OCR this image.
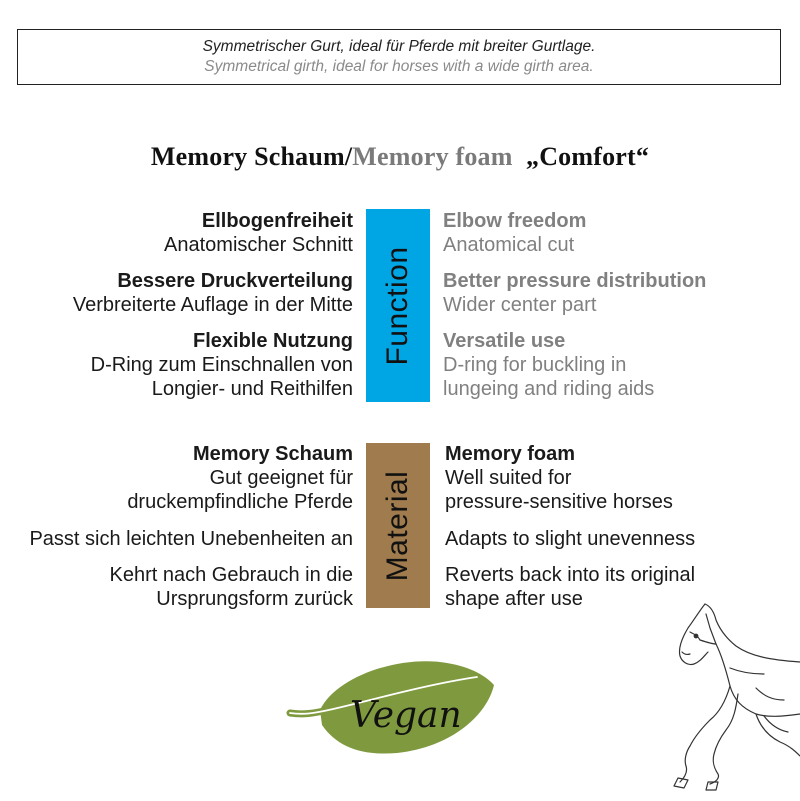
Symmetrischer Gurt, ideal für Pferde mit breiter Gurtlage.
Symmetrical girth, ideal for horses with a wide girth area.
Memory Schaum/Memory foam „Comfort“
Function
Ellbogenfreiheit
Anatomischer Schnitt
Bessere Druckverteilung
Verbreiterte Auflage in der Mitte
Flexible Nutzung
D-Ring zum Einschnallen von
Longier- und Reithilfen
Elbow freedom
Anatomical cut
Better pressure distribution
Wider center part
Versatile use
D-ring for buckling in
lungeing and riding aids
Material
Memory Schaum
Gut geeignet für
druckempfindliche Pferde
Passt sich leichten Unebenheiten an
Kehrt nach Gebrauch in die
Ursprungsform zurück
Memory foam
Well suited for
pressure-sensitive horses
Adapts to slight unevenness
Reverts back into its original
shape after use
Vegan
